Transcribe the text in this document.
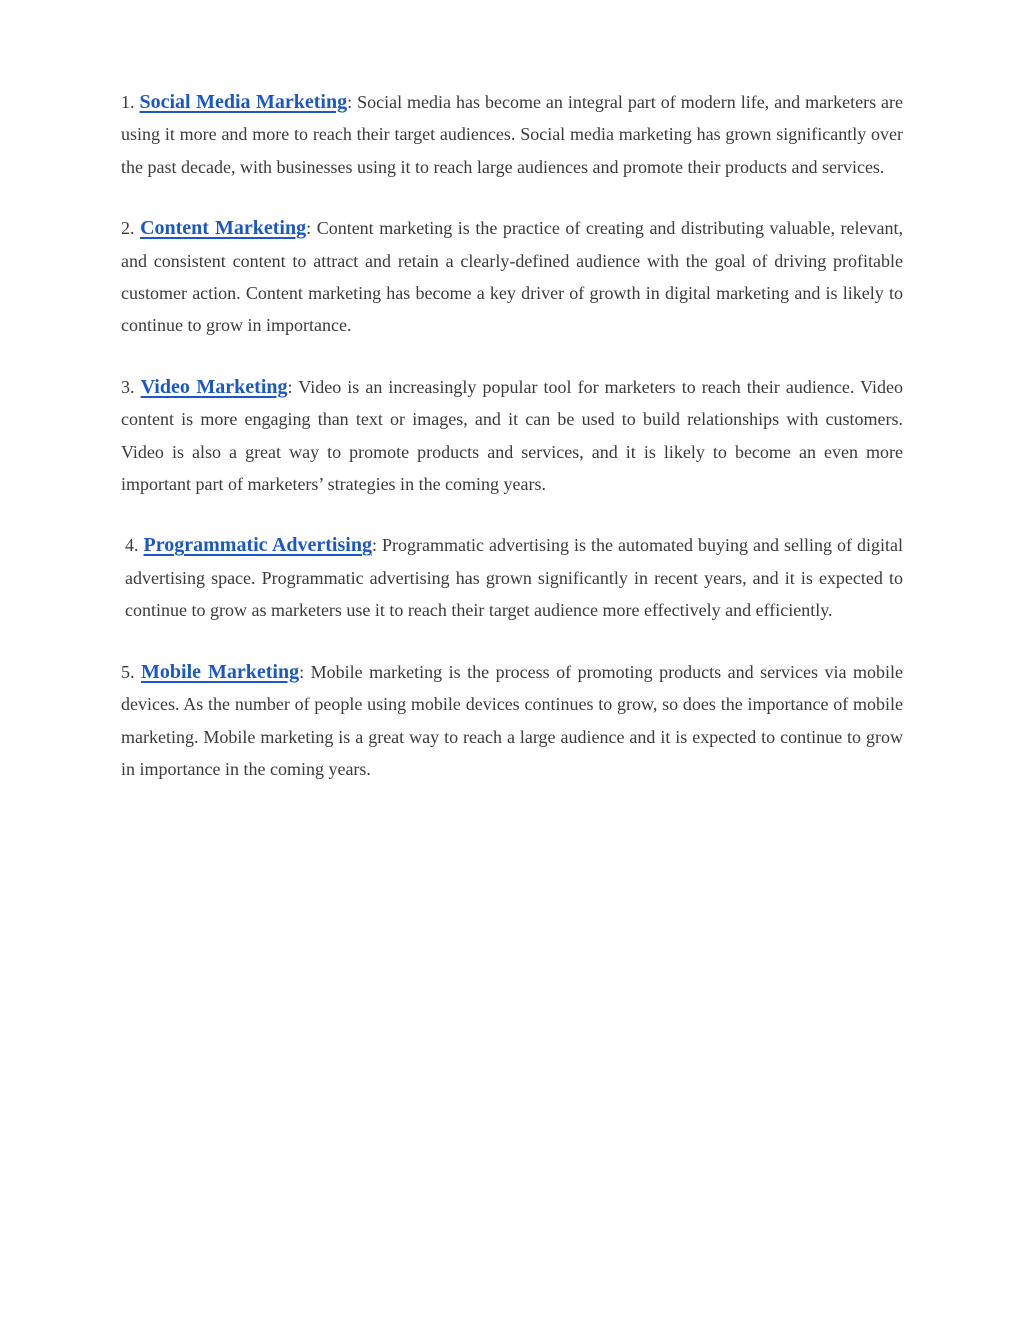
1. Social Media Marketing: Social media has become an integral part of modern life, and marketers are using it more and more to reach their target audiences. Social media marketing has grown significantly over the past decade, with businesses using it to reach large audiences and promote their products and services.

2. Content Marketing: Content marketing is the practice of creating and distributing valuable, relevant, and consistent content to attract and retain a clearly-defined audience with the goal of driving profitable customer action. Content marketing has become a key driver of growth in digital marketing and is likely to continue to grow in importance.

3. Video Marketing: Video is an increasingly popular tool for marketers to reach their audience. Video content is more engaging than text or images, and it can be used to build relationships with customers. Video is also a great way to promote products and services, and it is likely to become an even more important part of marketers’ strategies in the coming years.

4. Programmatic Advertising: Programmatic advertising is the automated buying and selling of digital advertising space. Programmatic advertising has grown significantly in recent years, and it is expected to continue to grow as marketers use it to reach their target audience more effectively and efficiently.

5. Mobile Marketing: Mobile marketing is the process of promoting products and services via mobile devices. As the number of people using mobile devices continues to grow, so does the importance of mobile marketing. Mobile marketing is a great way to reach a large audience and it is expected to continue to grow in importance in the coming years.
